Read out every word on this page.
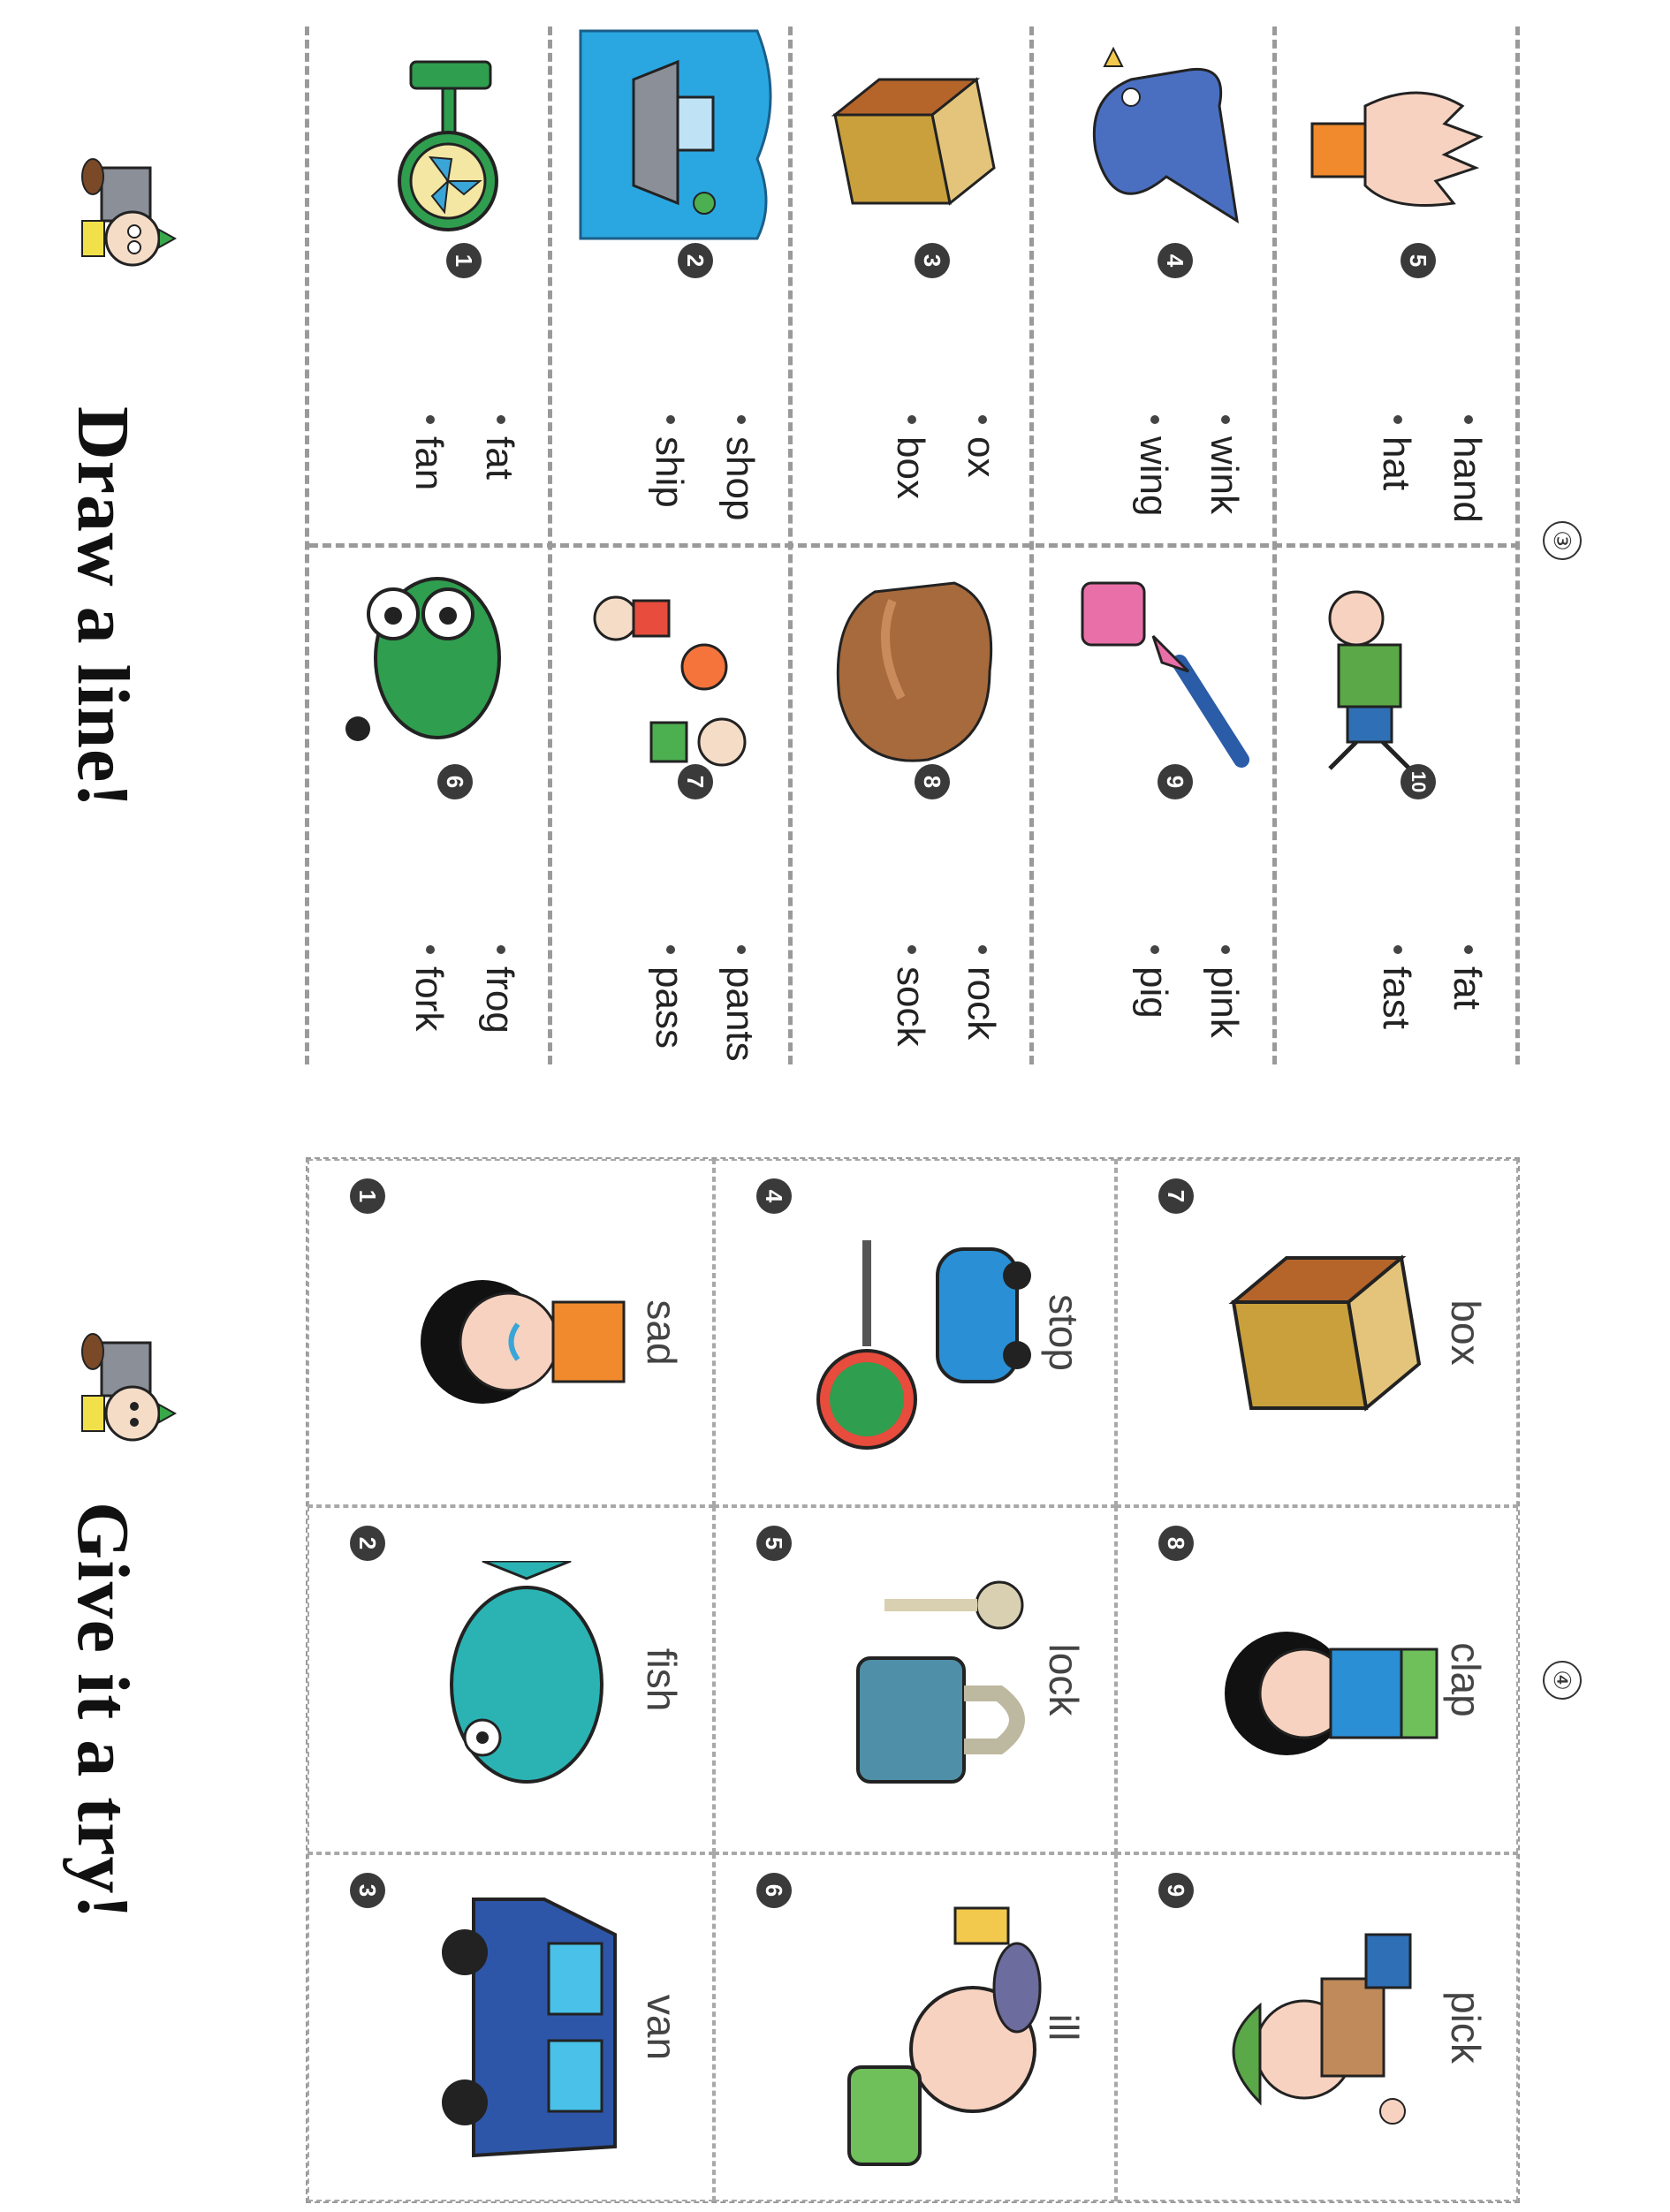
Draw a line!
1
fat
fan
6
frog
fork
2
shop
ship
7
pants
pass
3
ox
box
8
rock
sock
4
wink
wing
9
pink
pig
5
hand
hat
10
fat
fast
③
Give it a try!
1
sad
2
fish
3
van
4
stop
5
lock
6
ill
7
box
8
clap
9
pick
④
